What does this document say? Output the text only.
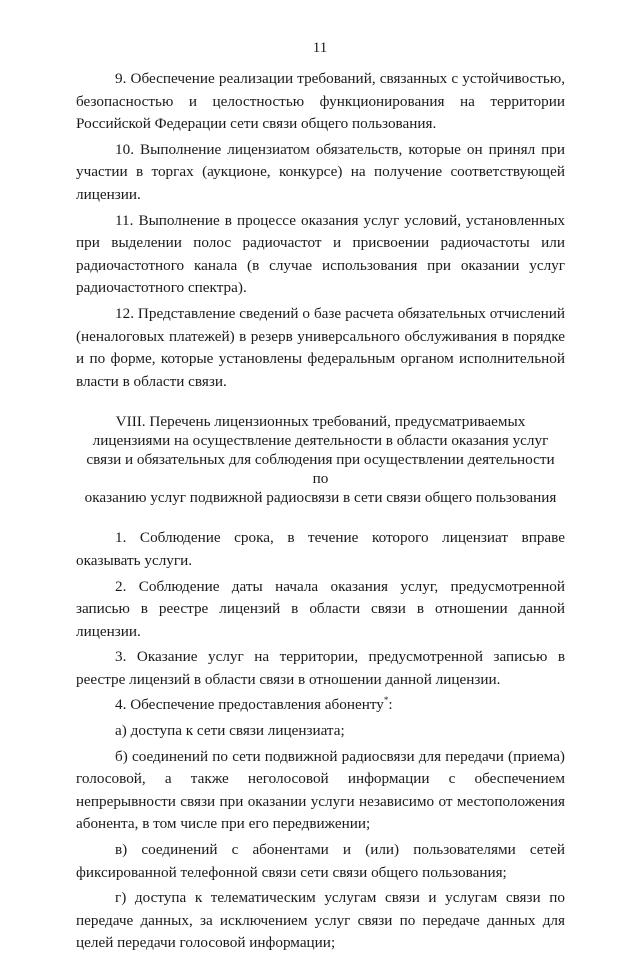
11

9. Обеспечение реализации требований, связанных с устойчивостью, безопасностью и целостностью функционирования на территории Российской Федерации сети связи общего пользования.

10. Выполнение лицензиатом обязательств, которые он принял при участии в торгах (аукционе, конкурсе) на получение соответствующей лицензии.

11. Выполнение в процессе оказания услуг условий, установленных при выделении полос радиочастот и присвоении радиочастоты или радиочастотного канала (в случае использования при оказании услуг радиочастотного спектра).

12. Представление сведений о базе расчета обязательных отчислений (неналоговых платежей) в резерв универсального обслуживания в порядке и по форме, которые установлены федеральным органом исполнительной власти в области связи.

VIII. Перечень лицензионных требований, предусматриваемых
лицензиями на осуществление деятельности в области оказания услуг
связи и обязательных для соблюдения при осуществлении деятельности по
оказанию услуг подвижной радиосвязи в сети связи общего пользования

1. Соблюдение срока, в течение которого лицензиат вправе оказывать услуги.

2. Соблюдение даты начала оказания услуг, предусмотренной записью в реестре лицензий в области связи в отношении данной лицензии.

3. Оказание услуг на территории, предусмотренной записью в реестре лицензий в области связи в отношении данной лицензии.

4. Обеспечение предоставления абоненту*:

а) доступа к сети связи лицензиата;

б) соединений по сети подвижной радиосвязи для передачи (приема) голосовой, а также неголосовой информации с обеспечением непрерывности связи при оказании услуги независимо от местоположения абонента, в том числе при его передвижении;

в) соединений с абонентами и (или) пользователями сетей фиксированной телефонной связи сети связи общего пользования;

г) доступа к телематическим услугам связи и услугам связи по передаче данных, за исключением услуг связи по передаче данных для целей передачи голосовой информации;
